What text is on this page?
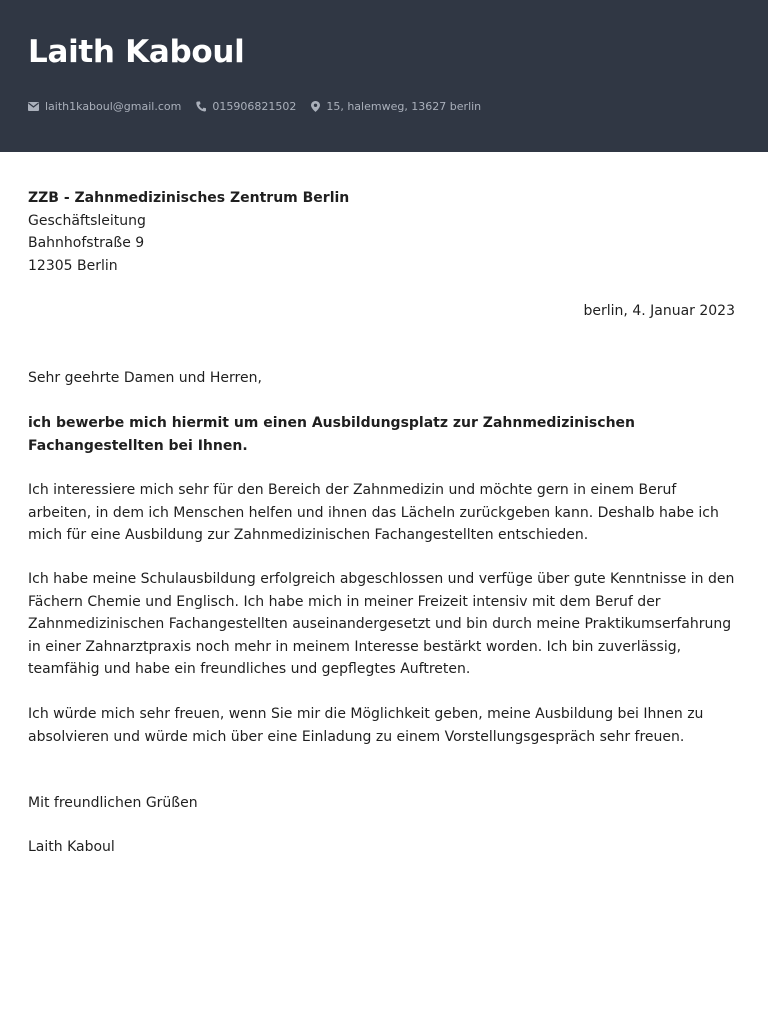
Laith Kaboul
laith1kaboul@gmail.com	015906821502	15, halemweg, 13627 berlin
ZZB - Zahnmedizinisches Zentrum Berlin
Geschäftsleitung
Bahnhofstraße 9
12305 Berlin
berlin, 4. Januar 2023
Sehr geehrte Damen und Herren,
ich bewerbe mich hiermit um einen Ausbildungsplatz zur Zahnmedizinischen Fachangestellten bei Ihnen.

Ich interessiere mich sehr für den Bereich der Zahnmedizin und möchte gern in einem Beruf arbeiten, in dem ich Menschen helfen und ihnen das Lächeln zurückgeben kann. Deshalb habe ich mich für eine Ausbildung zur Zahnmedizinischen Fachangestellten entschieden.

Ich habe meine Schulausbildung erfolgreich abgeschlossen und verfüge über gute Kenntnisse in den Fächern Chemie und Englisch. Ich habe mich in meiner Freizeit intensiv mit dem Beruf der Zahnmedizinischen Fachangestellten auseinandergesetzt und bin durch meine Praktikumserfahrung in einer Zahnarztpraxis noch mehr in meinem Interesse bestärkt worden. Ich bin zuverlässig, teamfähig und habe ein freundliches und gepflegtes Auftreten.

Ich würde mich sehr freuen, wenn Sie mir die Möglichkeit geben, meine Ausbildung bei Ihnen zu absolvieren und würde mich über eine Einladung zu einem Vorstellungsgespräch sehr freuen.

Mit freundlichen Grüßen
Laith Kaboul
